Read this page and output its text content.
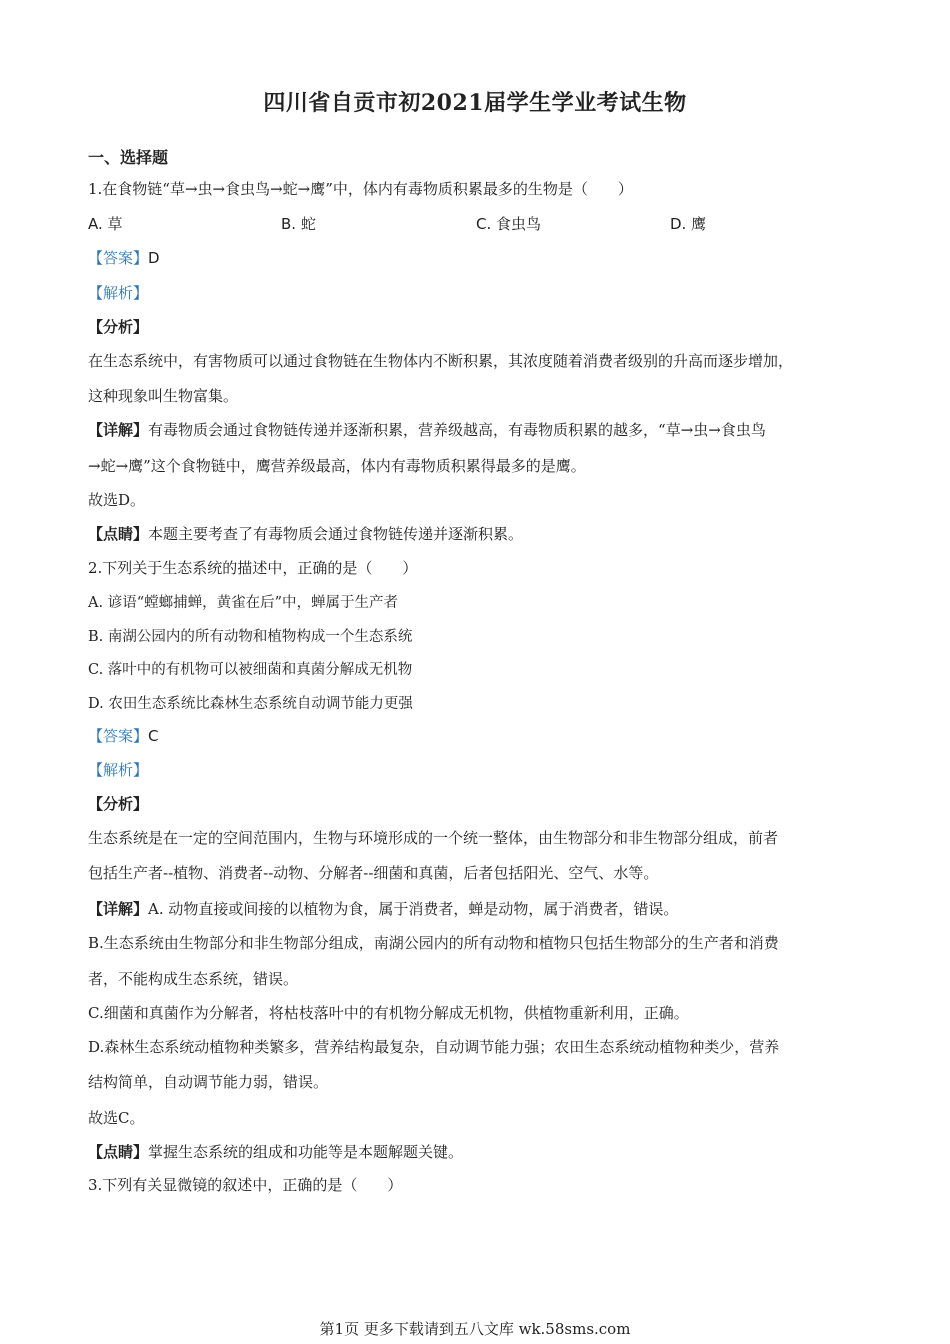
四川省自贡市初2021届学生学业考试生物
一、选择题
1.在食物链“草→虫→食虫鸟→蛇→鹰”中，体内有毒物质积累最多的生物是（　　）
A. 草	B. 蛇	C. 食虫鸟	D. 鹰
【答案】D
【解析】
【分析】
在生态系统中，有害物质可以通过食物链在生物体内不断积累，其浓度随着消费者级别的升高而逐步增加，
这种现象叫生物富集。
【详解】有毒物质会通过食物链传递并逐渐积累，营养级越高，有毒物质积累的越多，“草→虫→食虫鸟
→蛇→鹰”这个食物链中，鹰营养级最高，体内有毒物质积累得最多的是鹰。
故选D。
【点睛】本题主要考查了有毒物质会通过食物链传递并逐渐积累。
2.下列关于生态系统的描述中，正确的是（　　）
A. 谚语“螳螂捕蝉，黄雀在后”中，蝉属于生产者
B. 南湖公园内的所有动物和植物构成一个生态系统
C. 落叶中的有机物可以被细菌和真菌分解成无机物
D. 农田生态系统比森林生态系统自动调节能力更强
【答案】C
【解析】
【分析】
生态系统是在一定的空间范围内，生物与环境形成的一个统一整体，由生物部分和非生物部分组成，前者
包括生产者--植物、消费者--动物、分解者--细菌和真菌，后者包括阳光、空气、水等。
【详解】A. 动物直接或间接的以植物为食，属于消费者，蝉是动物，属于消费者，错误。
B.生态系统由生物部分和非生物部分组成，南湖公园内的所有动物和植物只包括生物部分的生产者和消费
者，不能构成生态系统，错误。
C.细菌和真菌作为分解者，将枯枝落叶中的有机物分解成无机物，供植物重新利用，正确。
D.森林生态系统动植物种类繁多，营养结构最复杂，自动调节能力强；农田生态系统动植物种类少，营养
结构简单，自动调节能力弱，错误。
故选C。
【点睛】掌握生态系统的组成和功能等是本题解题关键。
3.下列有关显微镜的叙述中，正确的是（　　）
第1页 更多下载请到五八文库 wk.58sms.com
